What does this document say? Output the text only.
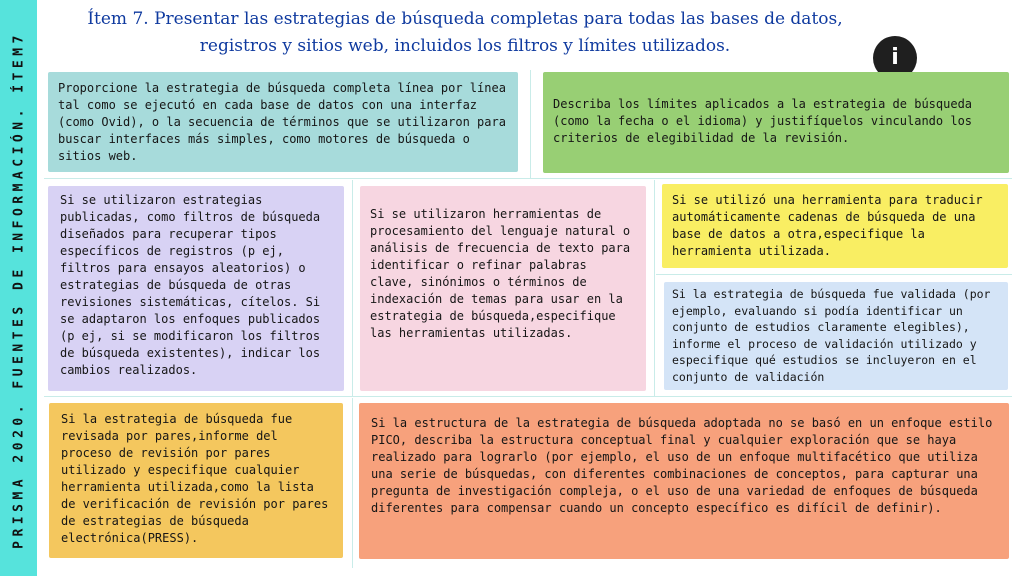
PRISMA 2020. FUENTES DE INFORMACIÓN. ÍTEM7
Ítem 7. Presentar las estrategias de búsqueda completas para todas las bases de datos,
registros y sitios web, incluidos los filtros y límites utilizados.	i
Proporcione la estrategia de búsqueda completa línea por línea tal como se ejecutó en cada base de datos con una interfaz (como Ovid), o la secuencia de términos que se utilizaron para buscar interfaces más simples, como motores de búsqueda o sitios web.
Describa los límites aplicados a la estrategia de búsqueda (como la fecha o el idioma) y justifíquelos vinculando los criterios de elegibilidad de la revisión.
Si se utilizaron estrategias publicadas, como filtros de búsqueda diseñados para recuperar tipos específicos de registros (p ej, filtros para ensayos aleatorios) o estrategias de búsqueda de otras revisiones sistemáticas, cítelos. Si se adaptaron los enfoques publicados (p ej, si se modificaron los filtros de búsqueda existentes), indicar los cambios realizados.
Si se utilizaron herramientas de procesamiento del lenguaje natural o análisis de frecuencia de texto para identificar o refinar palabras clave, sinónimos o términos de indexación de temas para usar en la estrategia de búsqueda,especifique las herramientas utilizadas.
Si se utilizó una herramienta para traducir automáticamente cadenas de búsqueda de una base de datos a otra,especifique la herramienta utilizada.
Si la estrategia de búsqueda fue validada (por ejemplo, evaluando si podía identificar un conjunto de estudios claramente elegibles), informe el proceso de validación utilizado y especifique qué estudios se incluyeron en el conjunto de validación
Si la estrategia de búsqueda fue revisada por pares,informe del proceso de revisión por pares utilizado y especifique cualquier herramienta utilizada,como la lista de verificación de revisión por pares de estrategias de búsqueda electrónica(PRESS).
Si la estructura de la estrategia de búsqueda adoptada no se basó en un enfoque estilo PICO, describa la estructura conceptual final y cualquier exploración que se haya realizado para lograrlo (por ejemplo, el uso de un enfoque multifacético que utiliza una serie de búsquedas, con diferentes combinaciones de conceptos, para capturar una pregunta de investigación compleja, o el uso de una variedad de enfoques de búsqueda diferentes para compensar cuando un concepto específico es difícil de definir).
